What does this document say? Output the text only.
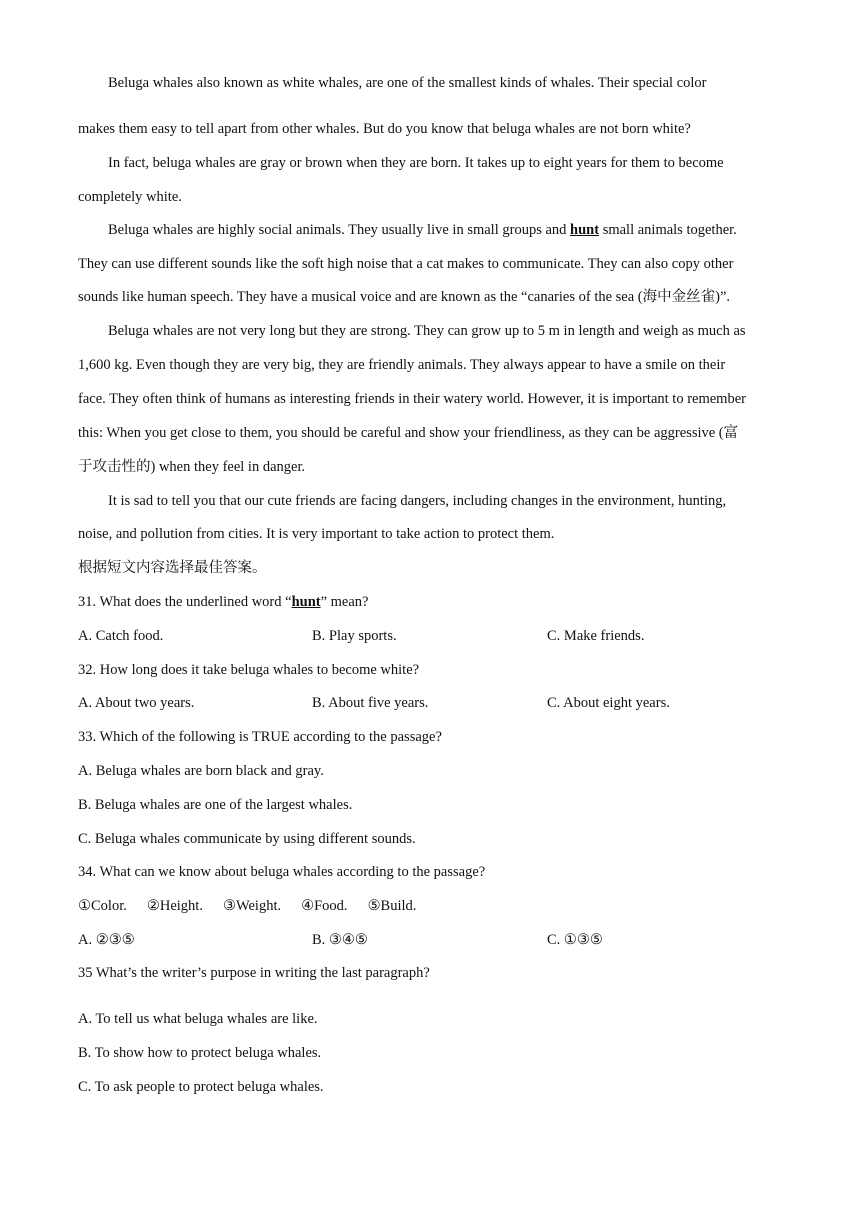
Beluga whales also known as white whales, are one of the smallest kinds of whales. Their special color
makes them easy to tell apart from other whales. But do you know that beluga whales are not born white?
In fact, beluga whales are gray or brown when they are born. It takes up to eight years for them to become
completely white.
Beluga whales are highly social animals. They usually live in small groups and hunt small animals together.
They can use different sounds like the soft high noise that a cat makes to communicate. They can also copy other
sounds like human speech. They have a musical voice and are known as the “canaries of the sea (海中金丝雀)”.
Beluga whales are not very long but they are strong. They can grow up to 5 m in length and weigh as much as
1,600 kg. Even though they are very big, they are friendly animals. They always appear to have a smile on their
face. They often think of humans as interesting friends in their watery world. However, it is important to remember
this: When you get close to them, you should be careful and show your friendliness, as they can be aggressive (富
于攻击性的) when they feel in danger.
It is sad to tell you that our cute friends are facing dangers, including changes in the environment, hunting,
noise, and pollution from cities. It is very important to take action to protect them.
根据短文内容选择最佳答案。
31. What does the underlined word “hunt” mean?
A. Catch food.	B. Play sports.	C. Make friends.
32. How long does it take beluga whales to become white?
A. About two years.	B. About five years.	C. About eight years.
33. Which of the following is TRUE according to the passage?
A. Beluga whales are born black and gray.
B. Beluga whales are one of the largest whales.
C. Beluga whales communicate by using different sounds.
34. What can we know about beluga whales according to the passage?
①Color. ②Height. ③Weight. ④Food. ⑤Build.
A. ②③⑤	B. ③④⑤	C. ①③⑤
35 What’s the writer’s purpose in writing the last paragraph?
A. To tell us what beluga whales are like.
B. To show how to protect beluga whales.
C. To ask people to protect beluga whales.
